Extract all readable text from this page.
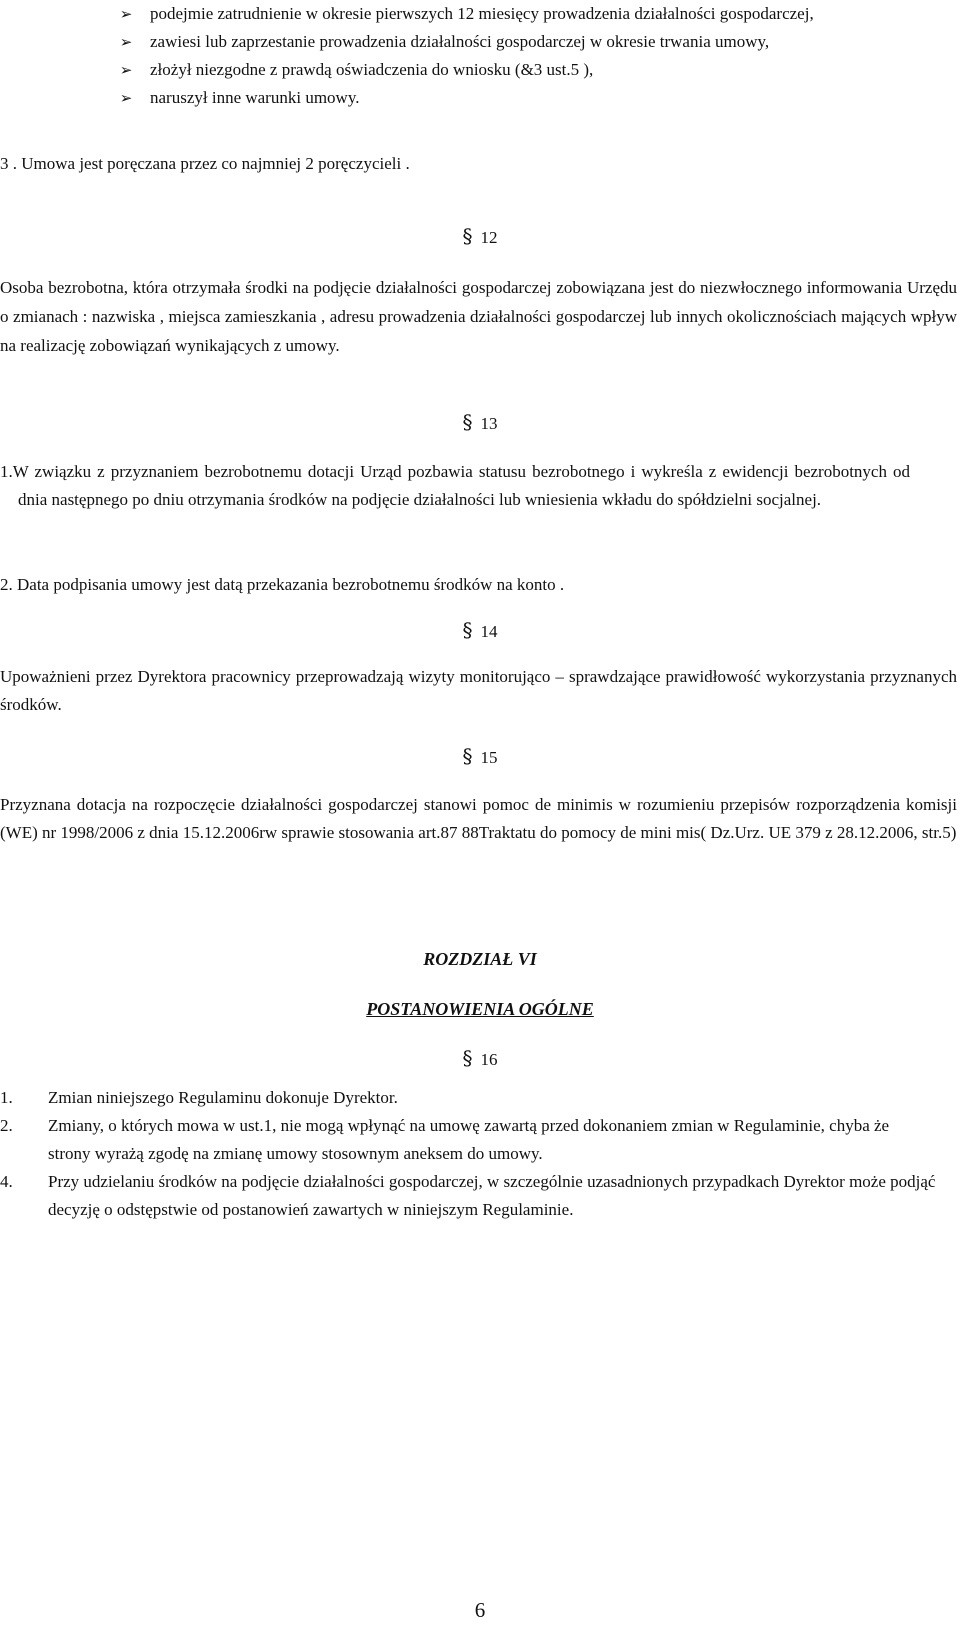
➢ podejmie zatrudnienie w okresie pierwszych 12 miesięcy prowadzenia działalności gospodarczej,
➢ zawiesi lub zaprzestanie prowadzenia działalności gospodarczej w okresie trwania umowy,
➢ złożył niezgodne z prawdą oświadczenia do wniosku (&3 ust.5 ),
➢ naruszył inne warunki umowy.
3 . Umowa jest poręczana przez co najmniej 2 poręczycieli .
§ 12
Osoba bezrobotna, która otrzymała środki na podjęcie działalności gospodarczej zobowiązana jest do niezwłocznego informowania Urzędu o zmianach : nazwiska , miejsca zamieszkania , adresu prowadzenia działalności gospodarczej lub innych okolicznościach mających wpływ na realizację zobowiązań wynikających z umowy.
§ 13
1.W związku z przyznaniem bezrobotnemu dotacji Urząd pozbawia statusu bezrobotnego i wykreśla z ewidencji bezrobotnych od dnia następnego po dniu otrzymania środków na podjęcie działalności lub wniesienia wkładu do spółdzielni socjalnej.
2. Data podpisania umowy jest datą przekazania bezrobotnemu środków na konto .
§ 14
Upoważnieni przez Dyrektora pracownicy przeprowadzają wizyty monitorująco – sprawdzające prawidłowość wykorzystania przyznanych środków.
§ 15
Przyznana dotacja na rozpoczęcie działalności gospodarczej stanowi pomoc de minimis w rozumieniu przepisów rozporządzenia komisji (WE) nr 1998/2006 z dnia 15.12.2006rw sprawie stosowania art.87 88Traktatu do pomocy de mini mis( Dz.Urz. UE 379 z 28.12.2006, str.5)
ROZDZIAŁ VI
POSTANOWIENIA OGÓLNE
§ 16
1. Zmian niniejszego Regulaminu dokonuje Dyrektor.
2. Zmiany, o których mowa w ust.1, nie mogą wpłynąć na umowę zawartą przed dokonaniem zmian w Regulaminie, chyba że strony wyrażą zgodę na zmianę umowy stosownym aneksem do umowy.
4. Przy udzielaniu środków na podjęcie działalności gospodarczej, w szczególnie uzasadnionych przypadkach Dyrektor może podjąć decyzję o odstępstwie od postanowień zawartych w niniejszym Regulaminie.
6
